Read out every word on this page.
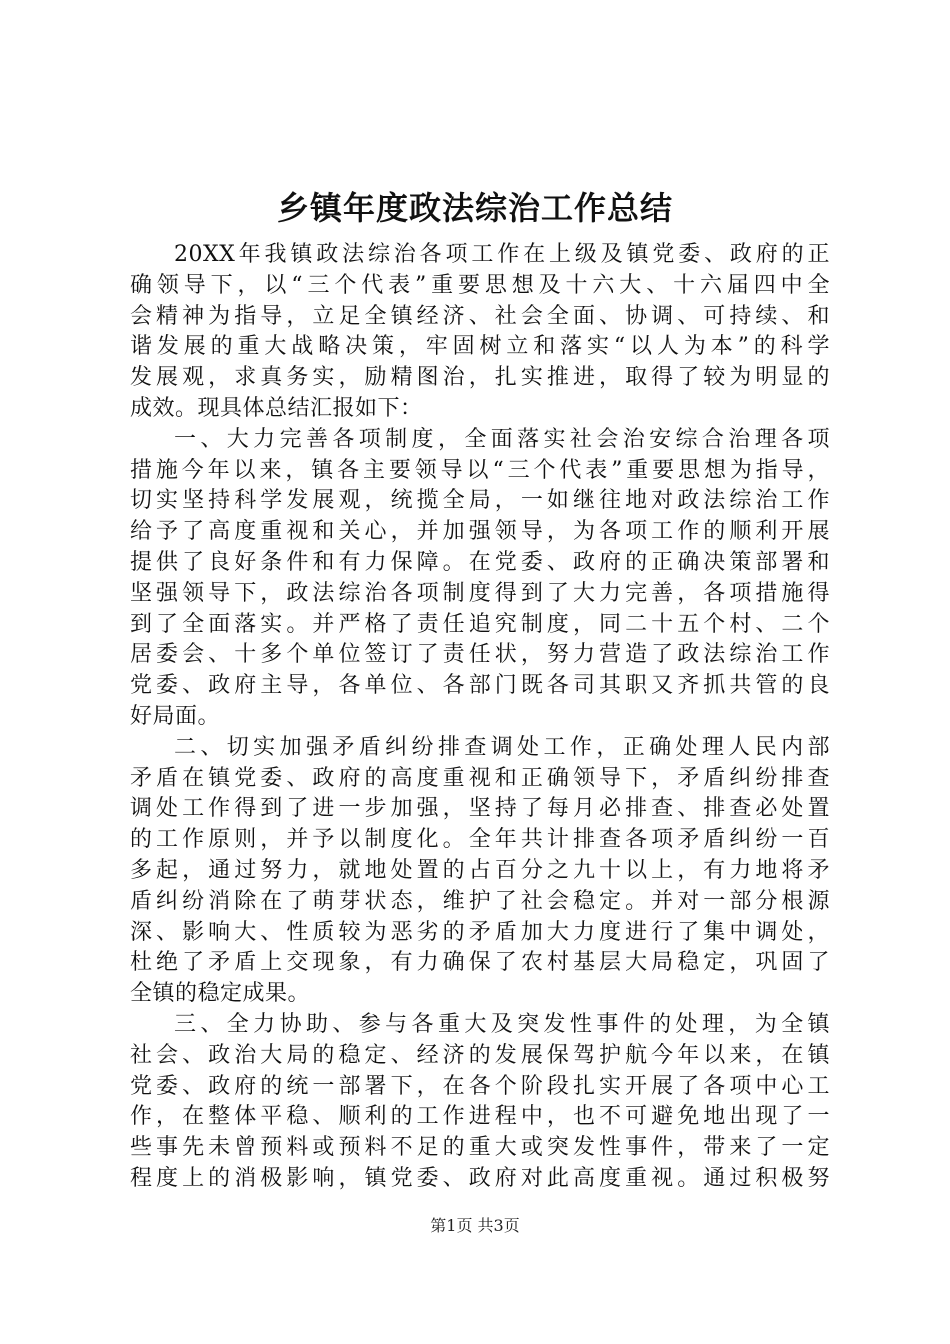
乡镇年度政法综治工作总结
20XX年我镇政法综治各项工作在上级及镇党委、政府的正
确领导下，以“三个代表”重要思想及十六大、十六届四中全
会精神为指导，立足全镇经济、社会全面、协调、可持续、和
谐发展的重大战略决策，牢固树立和落实“以人为本”的科学
发展观，求真务实，励精图治，扎实推进，取得了较为明显的
成效。现具体总结汇报如下：
一、大力完善各项制度，全面落实社会治安综合治理各项
措施今年以来，镇各主要领导以“三个代表”重要思想为指导，
切实坚持科学发展观，统揽全局，一如继往地对政法综治工作
给予了高度重视和关心，并加强领导，为各项工作的顺利开展
提供了良好条件和有力保障。在党委、政府的正确决策部署和
坚强领导下，政法综治各项制度得到了大力完善，各项措施得
到了全面落实。并严格了责任追究制度，同二十五个村、二个
居委会、十多个单位签订了责任状，努力营造了政法综治工作
党委、政府主导，各单位、各部门既各司其职又齐抓共管的良
好局面。
二、切实加强矛盾纠纷排查调处工作，正确处理人民内部
矛盾在镇党委、政府的高度重视和正确领导下，矛盾纠纷排查
调处工作得到了进一步加强，坚持了每月必排查、排查必处置
的工作原则，并予以制度化。全年共计排查各项矛盾纠纷一百
多起，通过努力，就地处置的占百分之九十以上，有力地将矛
盾纠纷消除在了萌芽状态，维护了社会稳定。并对一部分根源
深、影响大、性质较为恶劣的矛盾加大力度进行了集中调处，
杜绝了矛盾上交现象，有力确保了农村基层大局稳定，巩固了
全镇的稳定成果。
三、全力协助、参与各重大及突发性事件的处理，为全镇
社会、政治大局的稳定、经济的发展保驾护航今年以来，在镇
党委、政府的统一部署下，在各个阶段扎实开展了各项中心工
作，在整体平稳、顺利的工作进程中，也不可避免地出现了一
些事先未曾预料或预料不足的重大或突发性事件，带来了一定
程度上的消极影响，镇党委、政府对此高度重视。通过积极努
第1页 共3页
